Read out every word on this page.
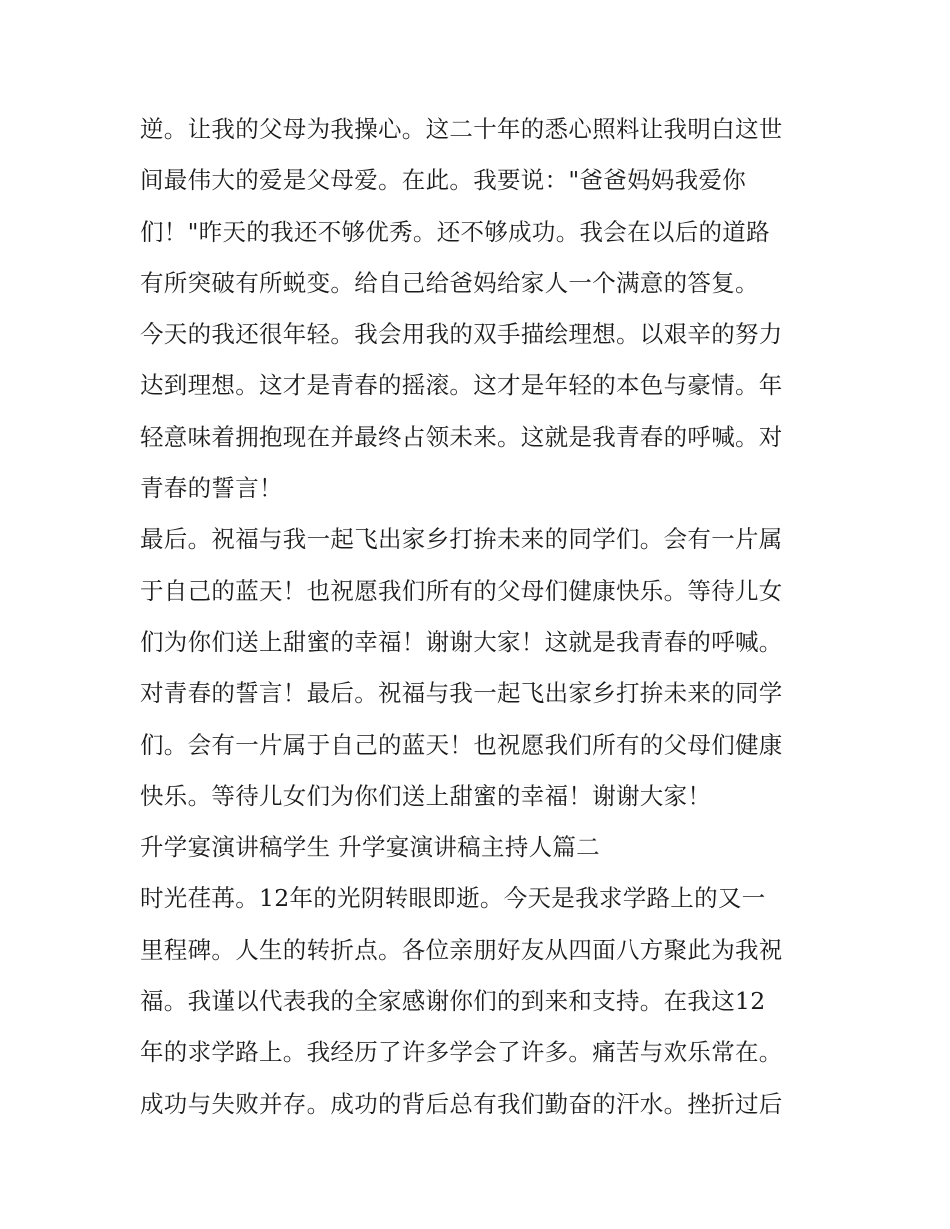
逆。让我的父母为我操心。这二十年的悉心照料让我明白这世
间最伟大的爱是父母爱。在此。我要说："爸爸妈妈我爱你
们！"昨天的我还不够优秀。还不够成功。我会在以后的道路
有所突破有所蜕变。给自己给爸妈给家人一个满意的答复。
今天的我还很年轻。我会用我的双手描绘理想。以艰辛的努力
达到理想。这才是青春的摇滚。这才是年轻的本色与豪情。年
轻意味着拥抱现在并最终占领未来。这就是我青春的呼喊。对
青春的誓言！
最后。祝福与我一起飞出家乡打拚未来的同学们。会有一片属
于自己的蓝天！也祝愿我们所有的父母们健康快乐。等待儿女
们为你们送上甜蜜的幸福！谢谢大家！这就是我青春的呼喊。
对青春的誓言！最后。祝福与我一起飞出家乡打拚未来的同学
们。会有一片属于自己的蓝天！也祝愿我们所有的父母们健康
快乐。等待儿女们为你们送上甜蜜的幸福！谢谢大家！
升学宴演讲稿学生 升学宴演讲稿主持人篇二
时光荏苒。12年的光阴转眼即逝。今天是我求学路上的又一
里程碑。人生的转折点。各位亲朋好友从四面八方聚此为我祝
福。我谨以代表我的全家感谢你们的到来和支持。在我这12
年的求学路上。我经历了许多学会了许多。痛苦与欢乐常在。
成功与失败并存。成功的背后总有我们勤奋的汗水。挫折过后
